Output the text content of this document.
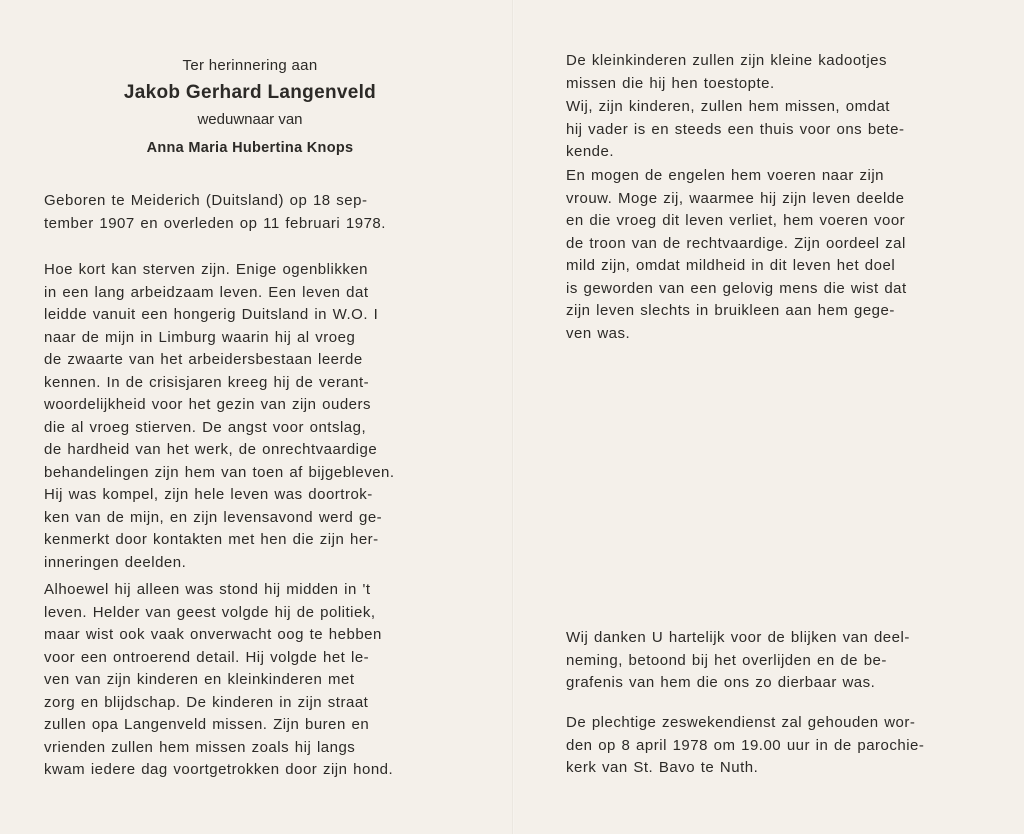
Ter herinnering aan
Jakob Gerhard Langenveld
weduwnaar van
Anna Maria Hubertina Knops

Geboren te Meiderich (Duitsland) op 18 sep-
tember 1907 en overleden op 11 februari 1978.

Hoe kort kan sterven zijn. Enige ogenblikken
in een lang arbeidzaam leven. Een leven dat
leidde vanuit een hongerig Duitsland in W.O. I
naar de mijn in Limburg waarin hij al vroeg
de zwaarte van het arbeidersbestaan leerde
kennen. In de crisisjaren kreeg hij de verant-
woordelijkheid voor het gezin van zijn ouders
die al vroeg stierven. De angst voor ontslag,
de hardheid van het werk, de onrechtvaardige
behandelingen zijn hem van toen af bijgebleven.
Hij was kompel, zijn hele leven was doortrok-
ken van de mijn, en zijn levensavond werd ge-
kenmerkt door kontakten met hen die zijn her-
inneringen deelden.

Alhoewel hij alleen was stond hij midden in 't
leven. Helder van geest volgde hij de politiek,
maar wist ook vaak onverwacht oog te hebben
voor een ontroerend detail. Hij volgde het le-
ven van zijn kinderen en kleinkinderen met
zorg en blijdschap. De kinderen in zijn straat
zullen opa Langenveld missen. Zijn buren en
vrienden zullen hem missen zoals hij langs
kwam iedere dag voortgetrokken door zijn hond.

De kleinkinderen zullen zijn kleine kadootjes
missen die hij hen toestopte.

Wij, zijn kinderen, zullen hem missen, omdat
hij vader is en steeds een thuis voor ons bete-
kende.

En mogen de engelen hem voeren naar zijn
vrouw. Moge zij, waarmee hij zijn leven deelde
en die vroeg dit leven verliet, hem voeren voor
de troon van de rechtvaardige. Zijn oordeel zal
mild zijn, omdat mildheid in dit leven het doel
is geworden van een gelovig mens die wist dat
zijn leven slechts in bruikleen aan hem gege-
ven was.

Wij danken U hartelijk voor de blijken van deel-
neming, betoond bij het overlijden en de be-
grafenis van hem die ons zo dierbaar was.

De plechtige zeswekendienst zal gehouden wor-
den op 8 april 1978 om 19.00 uur in de parochie-
kerk van St. Bavo te Nuth.
